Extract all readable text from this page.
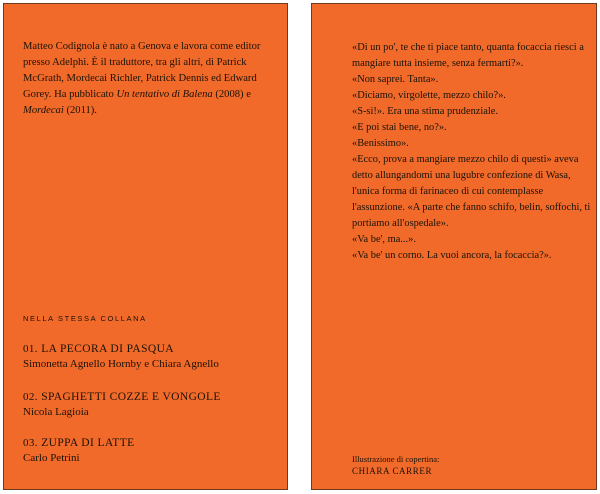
Matteo Codignola è nato a Genova e lavora come editor presso Adelphi. È il traduttore, tra gli altri, di Patrick McGrath, Mordecai Richler, Patrick Dennis ed Edward Gorey. Ha pubblicato Un tentativo di Balena (2008) e Mordecai (2011).
NELLA STESSA COLLANA
01. LA PECORA DI PASQUA
Simonetta Agnello Hornby e Chiara Agnello
02. SPAGHETTI COZZE E VONGOLE
Nicola Lagioia
03. ZUPPA DI LATTE
Carlo Petrini

«Di un po', te che ti piace tanto, quanta focaccia riesci a mangiare tutta insieme, senza fermarti?».

«Non saprei. Tanta».

«Diciamo, virgolette, mezzo chilo?».

«S-sì!». Era una stima prudenziale.

«E poi stai bene, no?».

«Benissimo».

«Ecco, prova a mangiare mezzo chilo di questi» aveva detto allungandomi una lugubre confezione di Wasa, l'unica forma di farinaceo di cui contemplasse l'assunzione. «A parte che fanno schifo, belin, soffochi, ti portiamo all'ospedale».

«Va be', ma...».

«Va be' un corno. La vuoi ancora, la focaccia?».

Illustrazione di copertina:
CHIARA CARRER
